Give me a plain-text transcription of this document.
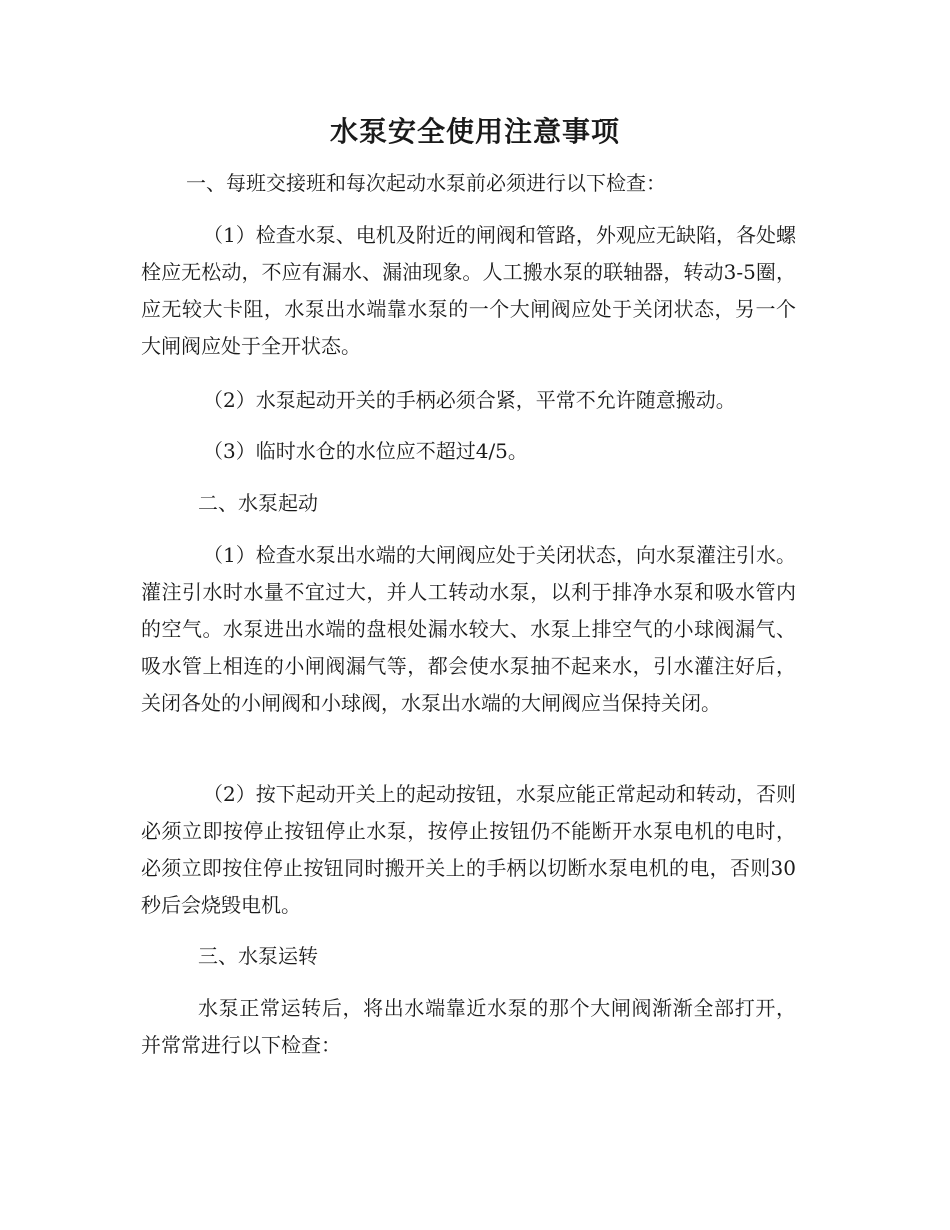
水泵安全使用注意事项

一、每班交接班和每次起动水泵前必须进行以下检查：

（1）检查水泵、电机及附近的闸阀和管路，外观应无缺陷，各处螺栓应无松动，不应有漏水、漏油现象。人工搬水泵的联轴器，转动3-5圈，应无较大卡阻，水泵出水端靠水泵的一个大闸阀应处于关闭状态，另一个大闸阀应处于全开状态。

（2）水泵起动开关的手柄必须合紧，平常不允许随意搬动。

（3）临时水仓的水位应不超过4/5。

二、水泵起动

（1）检查水泵出水端的大闸阀应处于关闭状态，向水泵灌注引水。灌注引水时水量不宜过大，并人工转动水泵，以利于排净水泵和吸水管内的空气。水泵进出水端的盘根处漏水较大、水泵上排空气的小球阀漏气、吸水管上相连的小闸阀漏气等，都会使水泵抽不起来水，引水灌注好后，关闭各处的小闸阀和小球阀，水泵出水端的大闸阀应当保持关闭。

（2）按下起动开关上的起动按钮，水泵应能正常起动和转动，否则必须立即按停止按钮停止水泵，按停止按钮仍不能断开水泵电机的电时，必须立即按住停止按钮同时搬开关上的手柄以切断水泵电机的电，否则30秒后会烧毁电机。

三、水泵运转

水泵正常运转后，将出水端靠近水泵的那个大闸阀渐渐全部打开，并常常进行以下检查：
